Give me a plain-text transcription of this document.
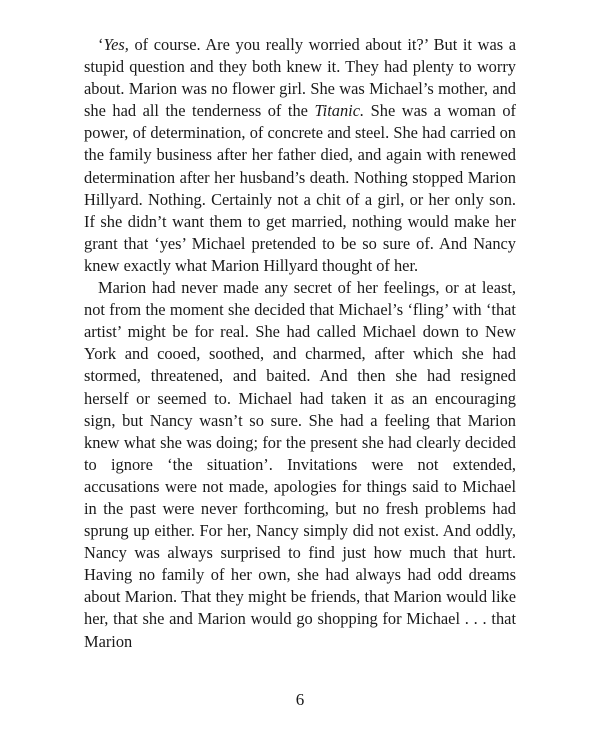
‘Yes, of course. Are you really worried about it?’ But it was a stupid question and they both knew it. They had plenty to worry about. Marion was no flower girl. She was Michael’s mother, and she had all the tenderness of the Titanic. She was a woman of power, of determination, of concrete and steel. She had carried on the family business after her father died, and again with renewed determination after her husband’s death. Nothing stopped Marion Hillyard. Nothing. Certainly not a chit of a girl, or her only son. If she didn’t want them to get married, nothing would make her grant that ‘yes’ Michael pretended to be so sure of. And Nancy knew exactly what Marion Hillyard thought of her.

Marion had never made any secret of her feelings, or at least, not from the moment she decided that Michael’s ‘fling’ with ‘that artist’ might be for real. She had called Michael down to New York and cooed, soothed, and charmed, after which she had stormed, threatened, and baited. And then she had resigned herself or seemed to. Michael had taken it as an encouraging sign, but Nancy wasn’t so sure. She had a feeling that Marion knew what she was doing; for the present she had clearly decided to ignore ‘the situation’. Invitations were not extended, accusations were not made, apologies for things said to Michael in the past were never forthcoming, but no fresh problems had sprung up either. For her, Nancy simply did not exist. And oddly, Nancy was always surprised to find just how much that hurt. Having no family of her own, she had always had odd dreams about Marion. That they might be friends, that Marion would like her, that she and Marion would go shopping for Michael . . . that Marion

6
